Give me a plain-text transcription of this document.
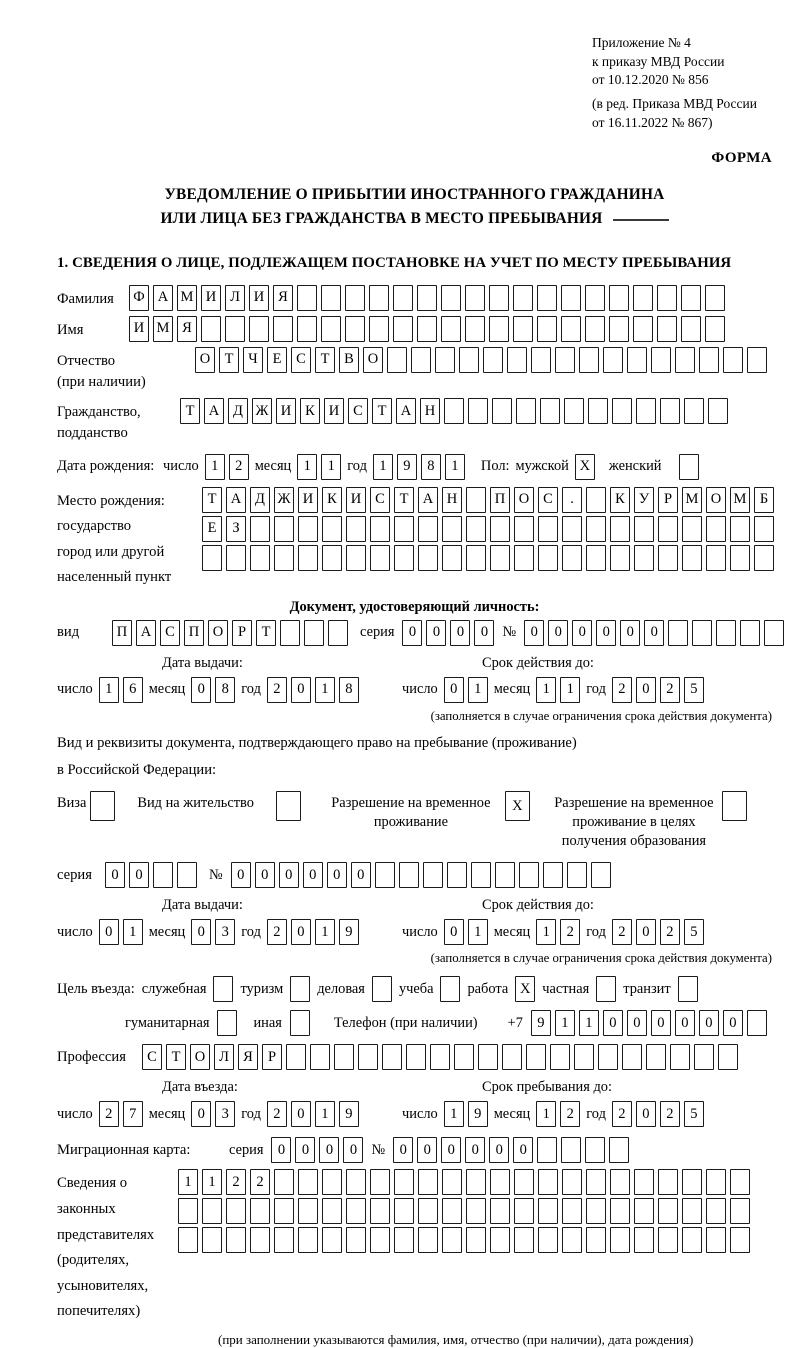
Приложение № 4
к приказу МВД России
от 10.12.2020 № 856
(в ред. Приказа МВД России
от 16.11.2022 № 867)
ФОРМА
УВЕДОМЛЕНИЕ О ПРИБЫТИИ ИНОСТРАННОГО ГРАЖДАНИНА
ИЛИ ЛИЦА БЕЗ ГРАЖДАНСТВА В МЕСТО ПРЕБЫВАНИЯ
1. СВЕДЕНИЯ О ЛИЦЕ, ПОДЛЕЖАЩЕМ ПОСТАНОВКЕ НА УЧЕТ ПО МЕСТУ ПРЕБЫВАНИЯ
Фамилия	Ф А М И Л И Я
Имя	И М Я
Отчество
(при наличии)
О Т	Ч	Е	С	Т	В О
Гражданство,
подданство
Т А Д Ж И К И С	Т А Н
Дата рождения: число 1	2 месяц 1	1 год 1	9	8	1	Пол: мужской X	женский
Место рождения:
государство
город или другой
населенный пункт
Т А Д Ж И К И С	Т А Н	П О С	.	К У	Р М О М Б
Е	З
Документ, удостоверяющий личность:
вид	П А С П О	Р	Т	серия 0	0	0	0 № 0	0	0	0	0	0
Дата выдачи:	Срок действия до:
число 1	6 месяц 0	8 год 2	0	1	8	число 0	1 месяц 1	1 год 2	0	2	5
(заполняется в случае ограничения срока действия документа)
Вид и реквизиты документа, подтверждающего право на пребывание (проживание)
в Российской Федерации:
Виза	Вид на жительство	Разрешение на временное проживание
X	Разрешение на временное проживание в целях получения образования
серия	0	0	№ 0	0	0	0	0	0
Дата выдачи:	Срок действия до:
число 0	1 месяц 0	3 год 2	0	1	9	число 0	1 месяц 1	2 год 2	0	2	5
(заполняется в случае ограничения срока действия документа)
Цель въезда: служебная туризм деловая учеба работа X частная транзит
гуманитарная	иная	Телефон (при наличии) +7 9	1	1	0	0	0	0	0	0
Профессия	С	Т О Л Я	Р
Дата въезда:	Срок пребывания до:
число 2	7 месяц 0	3 год 2	0	1	9	число 1	9 месяц 1	2 год 2	0	2	5
Миграционная карта:	серия 0	0	0	0 № 0	0	0	0	0	0
Сведения о
законных
представителях
(родителях,
усыновителях,
попечителях)
1	1	2	2
(при заполнении указываются фамилия, имя, отчество (при наличии), дата рождения)
